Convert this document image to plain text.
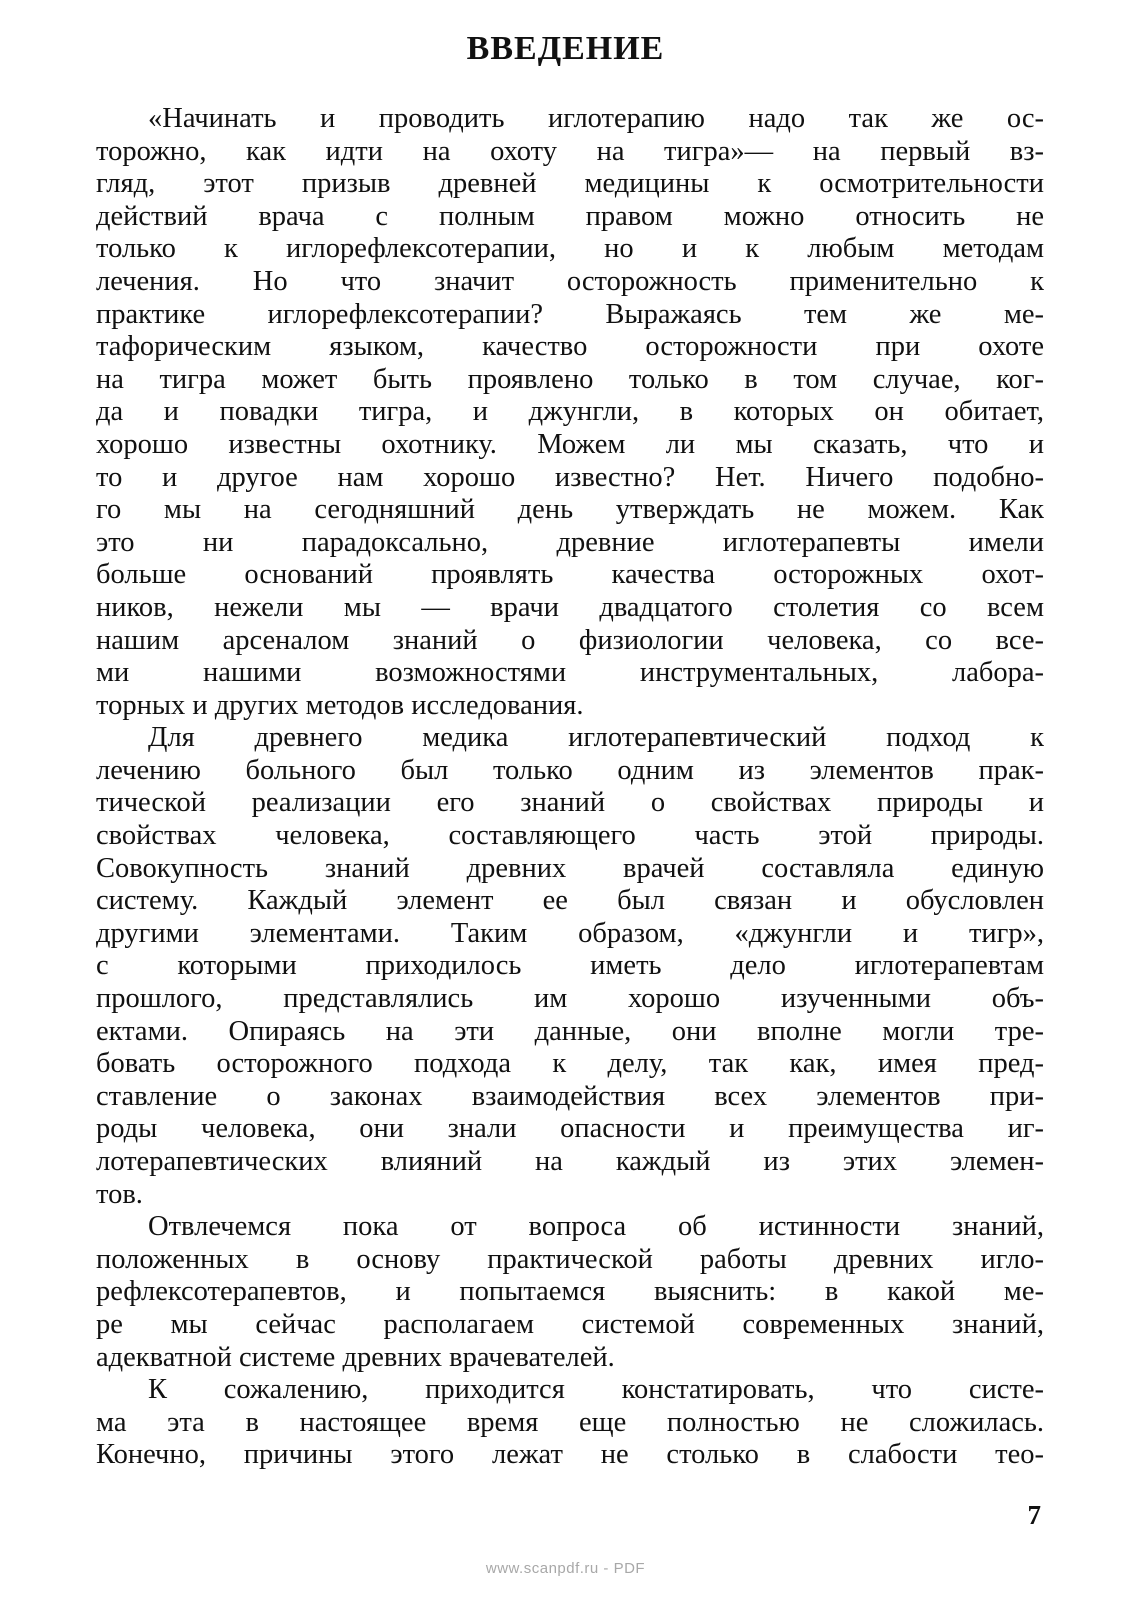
ВВЕДЕНИЕ
«Начинать и проводить иглотерапию надо так же ос-
торожно, как идти на охоту на тигра»— на первый вз-
гляд, этот призыв древней медицины к осмотрительности
действий врача с полным правом можно относить не
только к иглорефлексотерапии, но и к любым методам
лечения. Но что значит осторожность применительно к
практике иглорефлексотерапии? Выражаясь тем же ме-
тафорическим языком, качество осторожности при охоте
на тигра может быть проявлено только в том случае, ког-
да и повадки тигра, и джунгли, в которых он обитает,
хорошо известны охотнику. Можем ли мы сказать, что и
то и другое нам хорошо известно? Нет. Ничего подобно-
го мы на сегодняшний день утверждать не можем. Как
это ни парадоксально, древние иглотерапевты имели
больше оснований проявлять качества осторожных охот-
ников, нежели мы — врачи двадцатого столетия со всем
нашим арсеналом знаний о физиологии человека, со все-
ми нашими возможностями инструментальных, лабора-
торных и других методов исследования.
Для древнего медика иглотерапевтический подход к
лечению больного был только одним из элементов прак-
тической реализации его знаний о свойствах природы и
свойствах человека, составляющего часть этой природы.
Совокупность знаний древних врачей составляла единую
систему. Каждый элемент ее был связан и обусловлен
другими элементами. Таким образом, «джунгли и тигр»,
с которыми приходилось иметь дело иглотерапевтам
прошлого, представлялись им хорошо изученными объ-
ектами. Опираясь на эти данные, они вполне могли тре-
бовать осторожного подхода к делу, так как, имея пред-
ставление о законах взаимодействия всех элементов при-
роды человека, они знали опасности и преимущества иг-
лотерапевтических влияний на каждый из этих элемен-
тов.
Отвлечемся пока от вопроса об истинности знаний,
положенных в основу практической работы древних игло-
рефлексотерапевтов, и попытаемся выяснить: в какой ме-
ре мы сейчас располагаем системой современных знаний,
адекватной системе древних врачевателей.
К сожалению, приходится констатировать, что систе-
ма эта в настоящее время еще полностью не сложилась.
Конечно, причины этого лежат не столько в слабости тео-
7
www.scanpdf.ru - PDF
